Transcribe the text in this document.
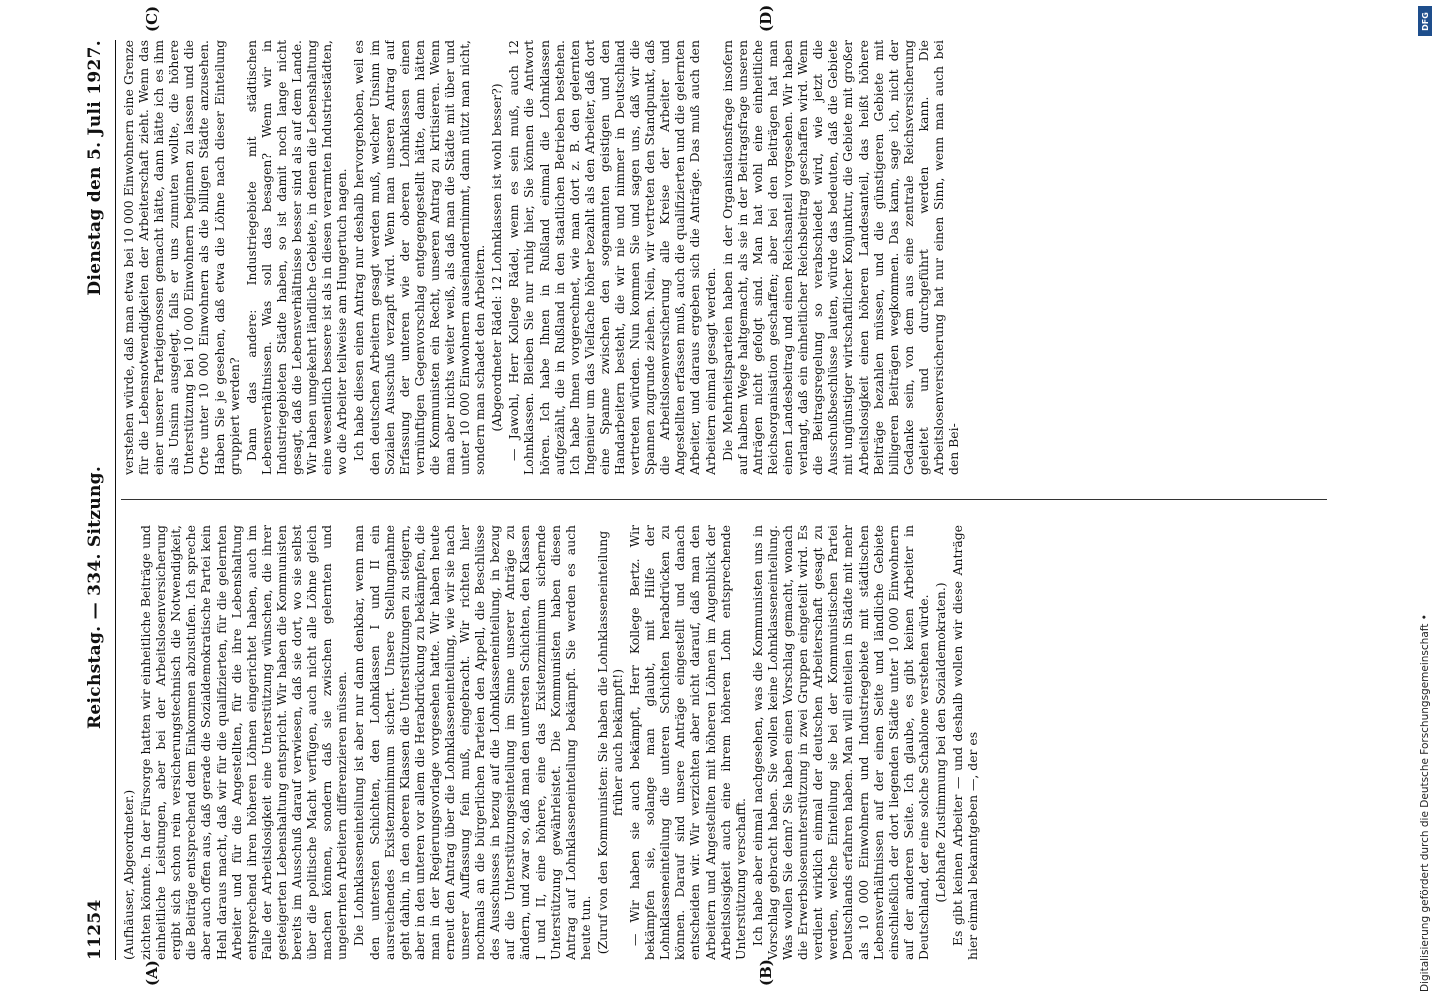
11254
Reichstag. — 334. Sitzung.
Dienstag den 5. Juli 1927.
(A)	(B)
(C)	(D)

(Aufhäuser, Abgeordneter.) zichten könnte. In der Fürsorge hatten wir einheitliche Beiträge und einheitliche Leistungen, aber bei der Arbeitslosenversicherung ergibt sich schon rein versicherungstechnisch die Notwendigkeit, die Beiträge entsprechend dem Einkommen abzustufen. Ich spreche aber auch offen aus, daß gerade die Sozialdemokratische Partei kein Hehl daraus macht, daß wir für die qualifizierten, für die gelernten Arbeiter und für die Angestellten, für die ihre Lebenshaltung entsprechend ihren höheren Löhnen eingerichtet haben, auch im Falle der Arbeitslosigkeit eine Unterstützung wünschen, die ihrer gesteigerten Lebenshaltung entspricht. Wir haben die Kommunisten bereits im Ausschuß darauf verwiesen, daß sie dort, wo sie selbst über die politische Macht verfügen, auch nicht alle Löhne gleich machen können, sondern daß sie zwischen gelernten und ungelernten Arbeitern differenzieren müssen. Die Lohnklasseneinteilung ist aber nur dann denkbar, wenn man den untersten Schichten, den Lohnklassen I und II ein ausreichendes Existenzminimum sichert. Unsere Stellungnahme geht dahin, in den oberen Klassen die Unterstützungen zu steigern, aber in den unteren vor allem die Herabdrückung zu bekämpfen, die man in der Regierungsvorlage vorgesehen hatte. Wir haben heute erneut den Antrag über die Lohnklasseneinteilung, wie wir sie nach unserer Auffassung fein muß, eingebracht. Wir richten hier nochmals an die bürgerlichen Parteien den Appell, die Beschlüsse des Ausschusses in bezug auf die Lohnklasseneinteilung, in bezug auf die Unterstützungseinteilung im Sinne unserer Anträge zu ändern, und zwar so, daß man den untersten Schichten, den Klassen I und II, eine höhere, eine das Existenzminimum sichernde Unterstützung gewährleistet. Die Kommunisten haben diesen Antrag auf Lohnklasseneinteilung bekämpft. Sie werden es auch heute tun. (Zuruf von den Kommunisten: Sie haben die Lohnklasseneinteilung früher auch bekämpft!) — Wir haben sie auch bekämpft, Herr Kollege Bertz. Wir bekämpfen sie, solange man glaubt, mit Hilfe der Lohnklasseneinteilung die unteren Schichten herabdrücken zu können. Darauf sind unsere Anträge eingestellt und danach entscheiden wir. Wir verzichten aber nicht darauf, daß man den Arbeitern und Angestellten mit höheren Löhnen im Augenblick der Arbeitslosigkeit auch eine ihrem höheren Lohn entsprechende Unterstützung verschafft. Ich habe aber einmal nachgesehen, was die Kommunisten uns in Vorschlag gebracht haben. Sie wollen keine Lohnklasseneinteilung. Was wollen Sie denn? Sie haben einen Vorschlag gemacht, wonach die Erwerbslosenunterstützung in zwei Gruppen eingeteilt wird. Es verdient wirklich einmal der deutschen Arbeiterschaft gesagt zu werden, welche Einteilung sie bei der Kommunistischen Partei Deutschlands erfahren haben. Man will einteilen in Städte mit mehr als 10 000 Einwohnern und Industriegebiete mit städtischen Lebensverhältnissen auf der einen Seite und ländliche Gebiete einschließlich der dort liegenden Städte unter 10 000 Einwohnern auf der anderen Seite. Ich glaube, es gibt keinen Arbeiter in Deutschland, der eine solche Schablone verstehen würde. (Lebhafte Zustimmung bei den Sozialdemokraten.) Es gibt keinen Arbeiter — und deshalb wollen wir diese Anträge hier einmal bekanntgeben —, der es

verstehen würde, daß man etwa bei 10 000 Einwohnern eine Grenze für die Lebensnotwendigkeiten der Arbeiterschaft zieht. Wenn das einer unserer Parteigenossen gemacht hätte, dann hätte ich es ihm als Unsinn ausgelegt, falls er uns zumuten wollte, die höhere Unterstützung bei 10 000 Einwohnern beginnen zu lassen und die Orte unter 10 000 Einwohnern als die billigen Städte anzusehen. Haben Sie je gesehen, daß etwa die Löhne nach dieser Einteilung gruppiert werden? Dann das andere: Industriegebiete mit städtischen Lebensverhältnissen. Was soll das besagen? Wenn wir in Industriegebieten Städte haben, so ist damit noch lange nicht gesagt, daß die Lebensverhältnisse besser sind als auf dem Lande. Wir haben umgekehrt ländliche Gebiete, in denen die Lebenshaltung eine wesentlich bessere ist als in diesen verarmten Industriestädten, wo die Arbeiter teilweise am Hungertuch nagen. Ich habe diesen einen Antrag nur deshalb hervorgehoben, weil es den deutschen Arbeitern gesagt werden muß, welcher Unsinn im Sozialen Ausschuß verzapft wird. Wenn man unseren Antrag auf Erfassung der unteren wie der oberen Lohnklassen einen vernünftigen Gegenvorschlag entgegengestellt hätte, dann hätten die Kommunisten ein Recht, unseren Antrag zu kritisieren. Wenn man aber nichts weiter weiß, als daß man die Städte mit über und unter 10 000 Einwohnern auseinandernimmt, dann nützt man nicht, sondern man schadet den Arbeitern. (Abgeordneter Rädel: 12 Lohnklassen ist wohl besser?) — Jawohl, Herr Kollege Rädel, wenn es sein muß, auch 12 Lohnklassen. Bleiben Sie nur ruhig hier, Sie können die Antwort hören. Ich habe Ihnen in Rußland einmal die Lohnklassen aufgezählt, die in Rußland in den staatlichen Betrieben bestehen. Ich habe Ihnen vorgerechnet, wie man dort z. B. den gelernten Ingenieur um das Vielfache höher bezahlt als den Arbeiter, daß dort eine Spanne zwischen den sogenannten geistigen und den Handarbeitern besteht, die wir nie und nimmer in Deutschland vertreten würden. Nun kommen Sie und sagen uns, daß wir die Spannen zugrunde ziehen. Nein, wir vertreten den Standpunkt, daß die Arbeitslosenversicherung alle Kreise der Arbeiter und Angestellten erfassen muß, auch die qualifizierten und die gelernten Arbeiter, und daraus ergeben sich die Anträge. Das muß auch den Arbeitern einmal gesagt werden. Die Mehrheitsparteien haben in der Organisationsfrage insofern auf halbem Wege haltgemacht, als sie in der Beitragsfrage unseren Anträgen nicht gefolgt sind. Man hat wohl eine einheitliche Reichsorganisation geschaffen; aber bei den Beiträgen hat man einen Landesbeitrag und einen Reichsanteil vorgesehen. Wir haben verlangt, daß ein einheitlicher Reichsbeitrag geschaffen wird. Wenn die Beitragsregelung so verabschiedet wird, wie jetzt die Ausschußbeschlüsse lauten, würde das bedeuten, daß die Gebiete mit ungünstiger wirtschaftlicher Konjunktur, die Gebiete mit großer Arbeitslosigkeit einen höheren Landesanteil, das heißt höhere Beiträge bezahlen müssen, und die günstigeren Gebiete mit billigeren Beiträgen wegkommen. Das kann, sage ich, nicht der Gedanke sein, von dem aus eine zentrale Reichsversicherung geleitet und durchgeführt werden kann. Die Arbeitslosenversicherung hat nur einen Sinn, wenn man auch bei den Bei-

DFG
Digitalisierung gefördert durch die Deutsche Forschungsgemeinschaft •
